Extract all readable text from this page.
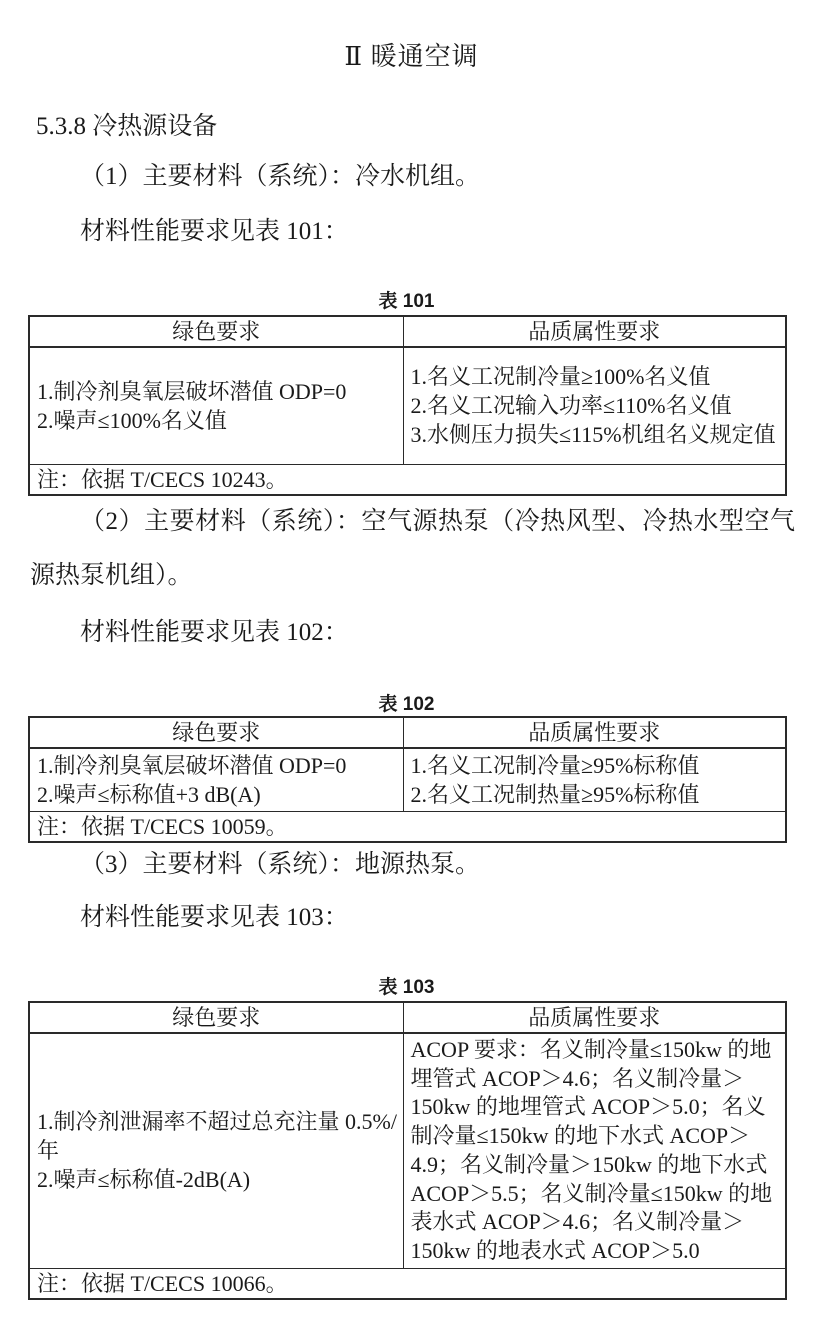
Ⅱ 暖通空调
5.3.8 冷热源设备
（1）主要材料（系统）：冷水机组。
材料性能要求见表 101：
表 101
绿色要求	品质属性要求

1.制冷剂臭氧层破坏潜值 ODP=0
2.噪声≤100%名义值	1.名义工况制冷量≥100%名义值
2.名义工况输入功率≤110%名义值
3.水侧压力损失≤115%机组名义规定值

注：依据 T/CECS 10243。	
（2）主要材料（系统）：空气源热泵（冷热风型、冷热水型空气源热泵机组）。
材料性能要求见表 102：
表 102
绿色要求	品质属性要求

1.制冷剂臭氧层破坏潜值 ODP=0
2.噪声≤标称值+3 dB(A)	1.名义工况制冷量≥95%标称值
2.名义工况制热量≥95%标称值

注：依据 T/CECS 10059。	
（3）主要材料（系统）：地源热泵。
材料性能要求见表 103：
表 103
绿色要求	品质属性要求

1.制冷剂泄漏率不超过总充注量 0.5%/年
2.噪声≤标称值-2dB(A)	ACOP 要求：名义制冷量≤150kw 的地埋管式 ACOP＞4.6；名义制冷量＞150kw 的地埋管式 ACOP＞5.0；名义制冷量≤150kw 的地下水式 ACOP＞4.9；名义制冷量＞150kw 的地下水式 ACOP＞5.5；名义制冷量≤150kw 的地表水式 ACOP＞4.6；名义制冷量＞150kw 的地表水式 ACOP＞5.0
注：依据 T/CECS 10066。	
